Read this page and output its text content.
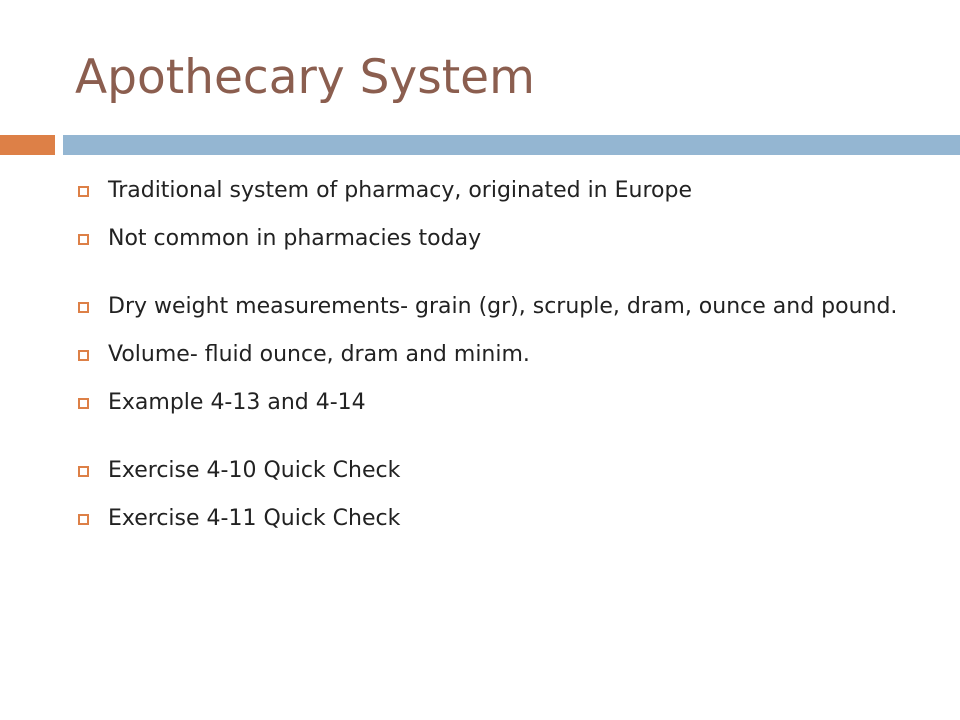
Apothecary System
Traditional system of pharmacy, originated in Europe
Not common in pharmacies today
Dry weight measurements- grain (gr), scruple, dram, ounce and pound.
Volume- fluid ounce, dram and minim.
Example 4-13 and 4-14
Exercise 4-10 Quick Check
Exercise 4-11 Quick Check
